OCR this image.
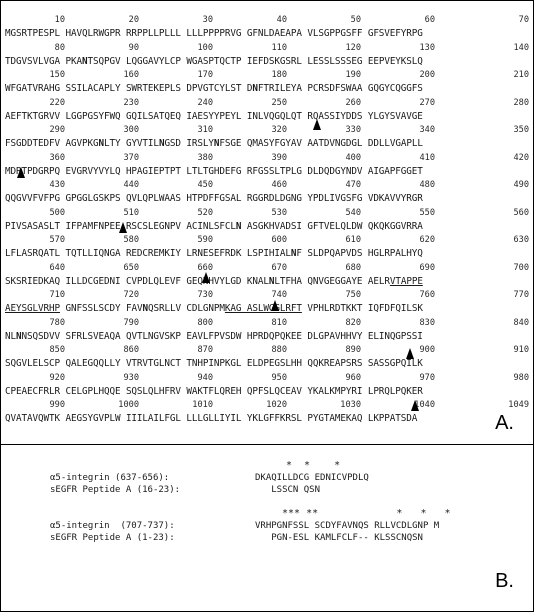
10	20	30	40	50	60	70
MGSRTPESPL HAVQLRWGPR RRPPLLPLLL LLLPPPPRVG GFNLDAEAPA VLSGPPGSFF GFSVEFYRPG
80	90	100	110	120	130	140
TDGVSVLVGA PKANTSQPGV LQGGAVYLCP WGASPTQCTP IEFDSKGSRL LESSLSSSEG EEPVEYKSLQ
150	160	170	180	190	200	210
WFGATVRAHG SSILACAPLY SWRTEKEPLS DPVGTCYLST DNFTRILEYA PCRSDFSWAA GQGYCQGGFS
220	230	240	250	260	270	280
AEFTKTGRVV LGGPGSYFWQ GQILSATQEQ IAESYYPEYL INLVQGQLQT RQASSIYDDS YLGYSVAVGE
290	300	310	320	330	340	350
FSGDDTEDFV AGVPKGNLTY GYVTILNGSD IRSLYNFSGE QMASYFGYAV AATDVNGDGL DDLLVGAPLL
360	370	380	390	400	410	420
MDRTPDGRPQ EVGRVYVYLQ HPAGIEPTPT LTLTGHDEFG RFGSSLTPLG DLDQDGYNDV AIGAPFGGET
430	440	450	460	470	480	490
QQGVVFVFPG GPGGLGSKPS QVLQPLWAAS HTPDFFGSAL RGGRDLDGNG YPDLIVGSFG VDKAVVYRGR
500	510	520	530	540	550	560
PIVSASASLT IFPAMFNPEE RSCSLEGNPV ACINLSFCLN ASGKHVADSI GFTVELQLDW QKQKGGVRRA
570	580	590	600	610	620	630
LFLASRQATL TQTLLIQNGA REDCREMKIY LRNESEFRDK LSPIHIALNF SLDPQAPVDS HGLRPALHYQ
640	650	660	670	680	690	700
SKSRIEDKAQ ILLDCGEDNI CVPDLQLEVF GEQNHVYLGD KNALNLTFHA QNVGEGGAYE AELRVTAPPE
710	720	730	740	750	760	770
AEYSGLVRHP GNFSSLSCDY FAVNQSRLLV CDLGNPMKAG ASLWGGLRFT VPHLRDTKKT IQFDFQILSK
780	790	800	810	820	830	840
NLNNSQSDVV SFRLSVEAQA QVTLNGVSKP EAVLFPVSDW HPRDQPQKEE DLGPAVHHVY ELINQGPSSI
850	860	870	880	890	900	910
SQGVLELSCP QALEGQQLLY VTRVTGLNCT TNHPINPKGL ELDPEGSLHH QQKREAPSRS SASSGPQILK
920	930	940	950	960	970	980
CPEAECFRLR CELGPLHQQE SQSLQLHFRV WAKTFLQREH QPFSLQCEAV YKALKMPYRI LPRQLPQKER
990	1000	1010	1020	1030	1040	1049
QVATAVQWTK AEGSYGVPLW IIILAILFGL LLLGLLIYIL YKLGFFKRSL PYGTAMEKAQ LKPPATSDA	A.
*  *    *
α5-integrin (637-656):	DKAQILLDCG EDNICVPDLQ
sEGFR Peptide A (16-23):	LSSCN QSN
*** **             *   *   *
α5-integrin  (707-737):	VRHPGNFSSL SCDYFAVNQS RLLVCDLGNP M
sEGFR Peptide A (1-23):	PGN-ESL KAMLFCLF-- KLSSCNQSN
B.
